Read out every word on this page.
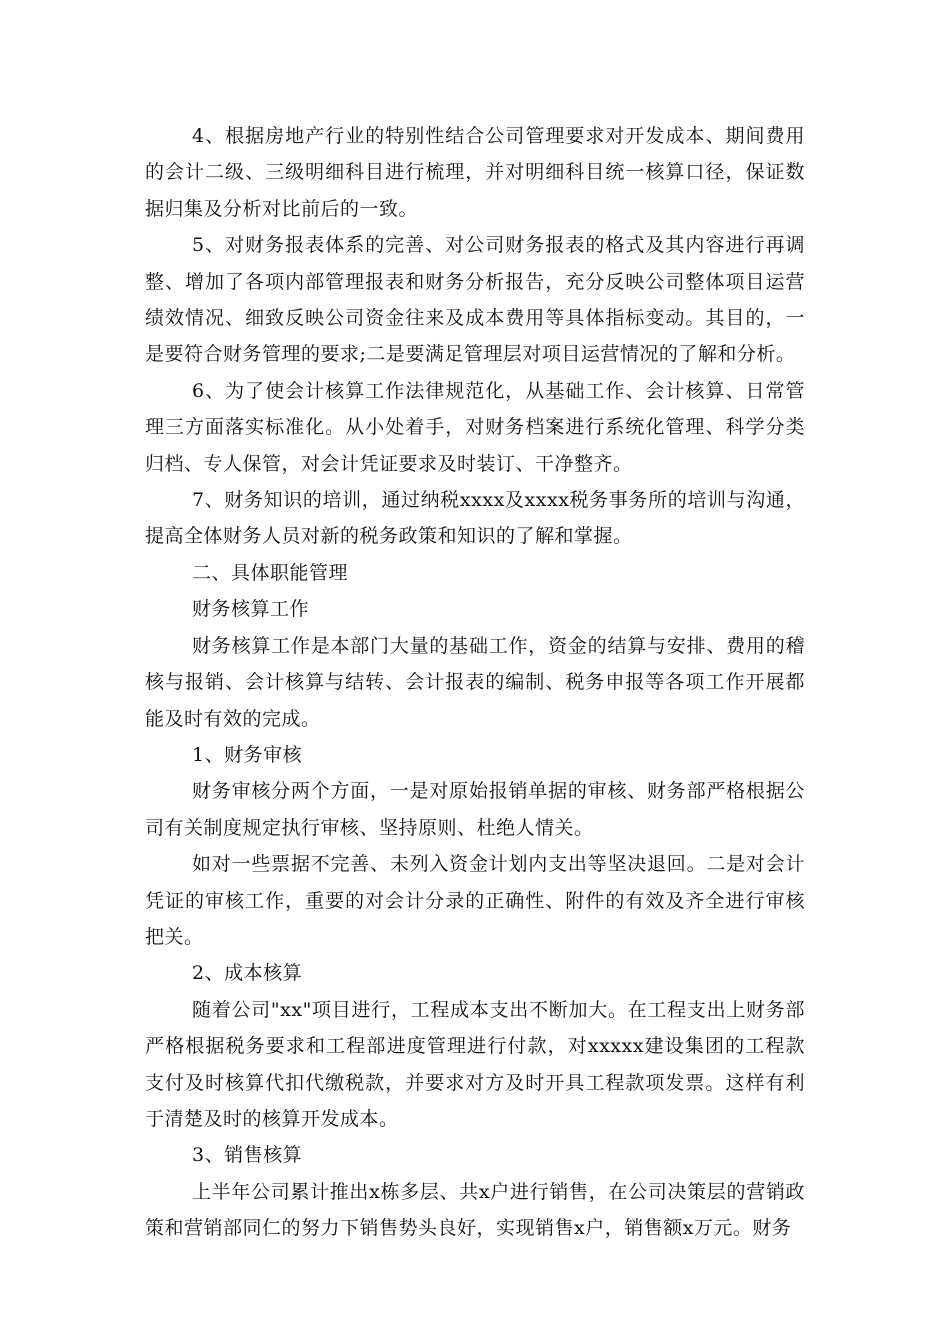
4、根据房地产行业的特别性结合公司管理要求对开发成本、期间费用的会计二级、三级明细科目进行梳理，并对明细科目统一核算口径，保证数据归集及分析对比前后的一致。

5、对财务报表体系的完善、对公司财务报表的格式及其内容进行再调整、增加了各项内部管理报表和财务分析报告，充分反映公司整体项目运营绩效情况、细致反映公司资金往来及成本费用等具体指标变动。其目的，一是要符合财务管理的要求;二是要满足管理层对项目运营情况的了解和分析。

6、为了使会计核算工作法律规范化，从基础工作、会计核算、日常管理三方面落实标准化。从小处着手，对财务档案进行系统化管理、科学分类归档、专人保管，对会计凭证要求及时装订、干净整齐。

7、财务知识的培训，通过纳税xxxx及xxxx税务事务所的培训与沟通，提高全体财务人员对新的税务政策和知识的了解和掌握。

二、具体职能管理

财务核算工作

财务核算工作是本部门大量的基础工作，资金的结算与安排、费用的稽核与报销、会计核算与结转、会计报表的编制、税务申报等各项工作开展都能及时有效的完成。

1、财务审核

财务审核分两个方面，一是对原始报销单据的审核、财务部严格根据公司有关制度规定执行审核、坚持原则、杜绝人情关。

如对一些票据不完善、未列入资金计划内支出等坚决退回。二是对会计凭证的审核工作，重要的对会计分录的正确性、附件的有效及齐全进行审核把关。

2、成本核算

随着公司"xx"项目进行，工程成本支出不断加大。在工程支出上财务部严格根据税务要求和工程部进度管理进行付款，对xxxxx建设集团的工程款支付及时核算代扣代缴税款，并要求对方及时开具工程款项发票。这样有利于清楚及时的核算开发成本。

3、销售核算

上半年公司累计推出x栋多层、共x户进行销售，在公司决策层的营销政策和营销部同仁的努力下销售势头良好，实现销售x户，销售额x万元。财务
